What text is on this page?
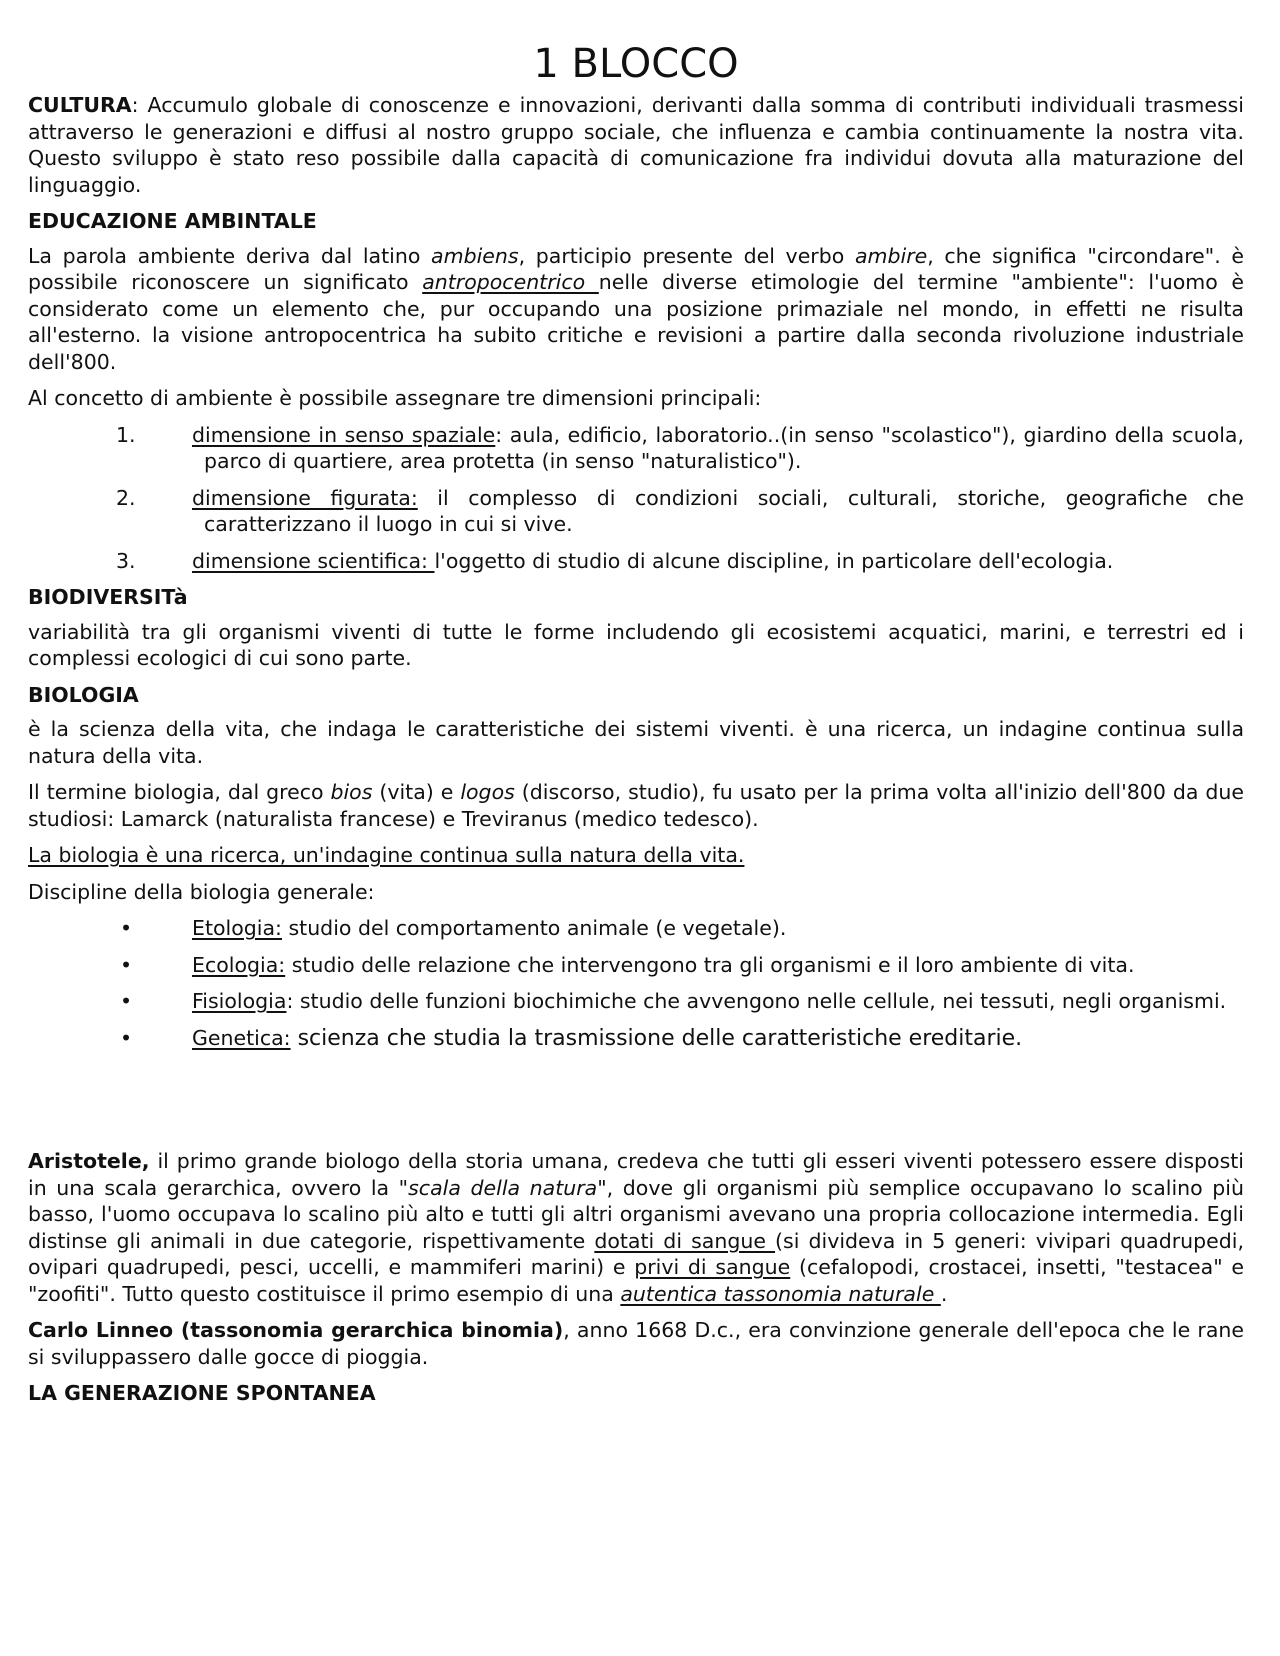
1 BLOCCO

CULTURA: Accumulo globale di conoscenze e innovazioni, derivanti dalla somma di contributi individuali trasmessi attraverso le generazioni e diffusi al nostro gruppo sociale, che influenza e cambia continuamente la nostra vita. Questo sviluppo è stato reso possibile dalla capacità di comunicazione fra individui dovuta alla maturazione del linguaggio.

EDUCAZIONE AMBINTALE

La parola ambiente deriva dal latino ambiens, participio presente del verbo ambire, che significa "circondare". è possibile riconoscere un significato antropocentrico nelle diverse etimologie del termine "ambiente": l'uomo è considerato come un elemento che, pur occupando una posizione primaziale nel mondo, in effetti ne risulta all'esterno. la visione antropocentrica ha subito critiche e revisioni a partire dalla seconda rivoluzione industriale dell'800.

Al concetto di ambiente è possibile assegnare tre dimensioni principali:

1.	dimensione in senso spaziale: aula, edificio, laboratorio..(in senso "scolastico"), giardino della scuola, parco di quartiere, area protetta (in senso "naturalistico").
2.	dimensione figurata: il complesso di condizioni sociali, culturali, storiche, geografiche che caratterizzano il luogo in cui si vive.
3.	dimensione scientifica: l'oggetto di studio di alcune discipline, in particolare dell'ecologia.

BIODIVERSITà

variabilità tra gli organismi viventi di tutte le forme includendo gli ecosistemi acquatici, marini, e terrestri ed i complessi ecologici di cui sono parte.

BIOLOGIA

è la scienza della vita, che indaga le caratteristiche dei sistemi viventi. è una ricerca, un indagine continua sulla natura della vita.

Il termine biologia, dal greco bios (vita) e logos (discorso, studio), fu usato per la prima volta all'inizio dell'800 da due studiosi: Lamarck (naturalista francese) e Treviranus (medico tedesco).

La biologia è una ricerca, un'indagine continua sulla natura della vita.

Discipline della biologia generale:

•	Etologia: studio del comportamento animale (e vegetale).
•	Ecologia: studio delle relazione che intervengono tra gli organismi e il loro ambiente di vita.
•	Fisiologia: studio delle funzioni biochimiche che avvengono nelle cellule, nei tessuti, negli organismi.
•	Genetica: scienza che studia la trasmissione delle caratteristiche ereditarie.

Aristotele, il primo grande biologo della storia umana, credeva che tutti gli esseri viventi potessero essere disposti in una scala gerarchica, ovvero la "scala della natura", dove gli organismi più semplice occupavano lo scalino più basso, l'uomo occupava lo scalino più alto e tutti gli altri organismi avevano una propria collocazione intermedia. Egli distinse gli animali in due categorie, rispettivamente dotati di sangue (si divideva in 5 generi: vivipari quadrupedi, ovipari quadrupedi, pesci, uccelli, e mammiferi marini) e privi di sangue (cefalopodi, crostacei, insetti, "testacea" e "zoofiti". Tutto questo costituisce il primo esempio di una autentica tassonomia naturale .

Carlo Linneo (tassonomia gerarchica binomia), anno 1668 D.c., era convinzione generale dell'epoca che le rane si sviluppassero dalle gocce di pioggia.

LA GENERAZIONE SPONTANEA
